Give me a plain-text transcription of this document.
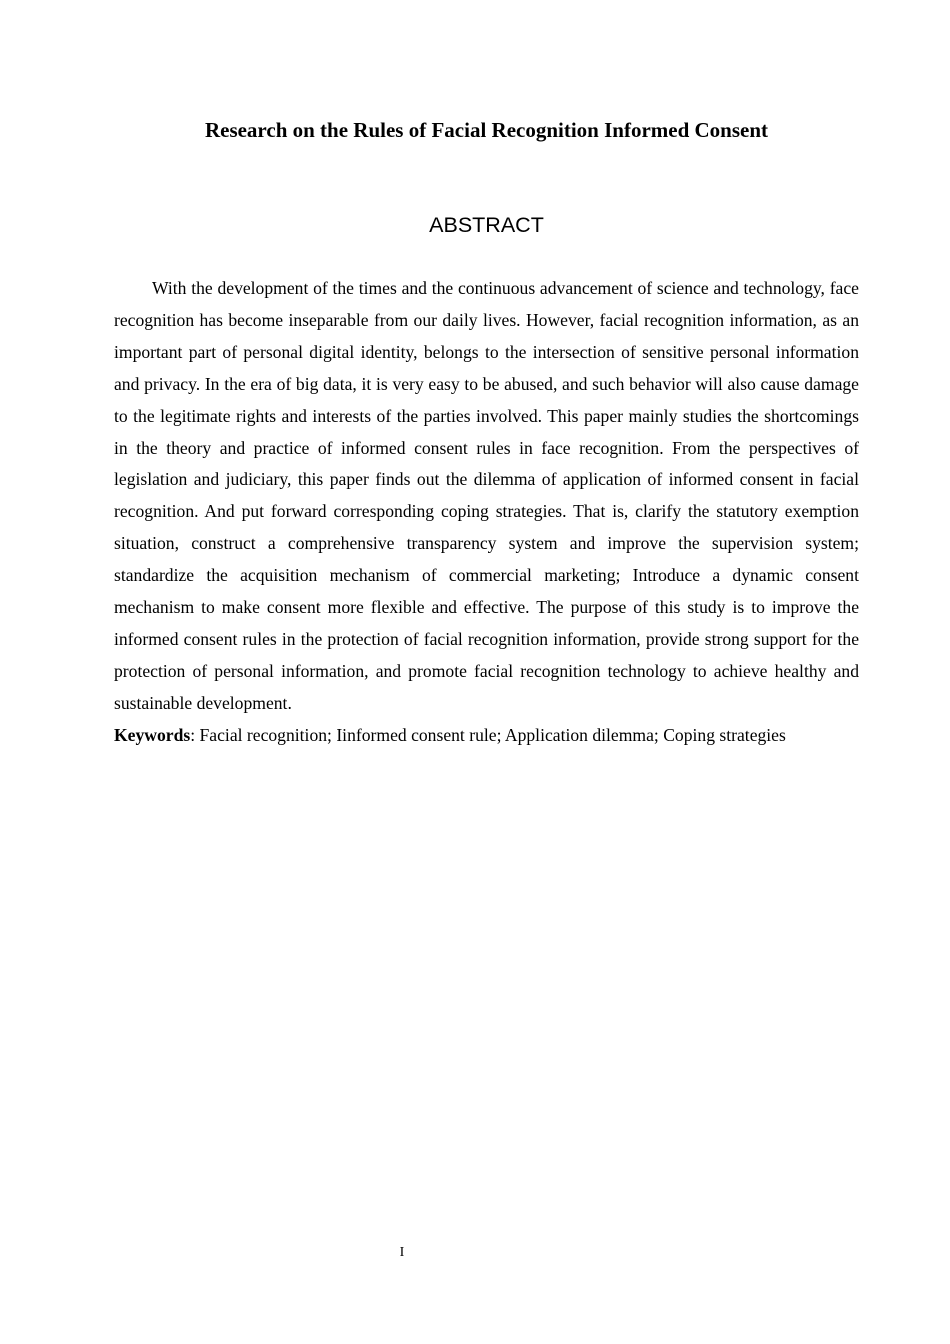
Research on the Rules of Facial Recognition Informed Consent
ABSTRACT

With the development of the times and the continuous advancement of science and technology, face recognition has become inseparable from our daily lives. However, facial recognition information, as an important part of personal digital identity, belongs to the intersection of sensitive personal information and privacy. In the era of big data, it is very easy to be abused, and such behavior will also cause damage to the legitimate rights and interests of the parties involved. This paper mainly studies the shortcomings in the theory and practice of informed consent rules in face recognition. From the perspectives of legislation and judiciary, this paper finds out the dilemma of application of informed consent in facial recognition. And put forward corresponding coping strategies. That is, clarify the statutory exemption situation, construct a comprehensive transparency system and improve the supervision system; standardize the acquisition mechanism of commercial marketing; Introduce a dynamic consent mechanism to make consent more flexible and effective. The purpose of this study is to improve the informed consent rules in the protection of facial recognition information, provide strong support for the protection of personal information, and promote facial recognition technology to achieve healthy and sustainable development.

Keywords: Facial recognition; Iinformed consent rule; Application dilemma; Coping strategies

I
